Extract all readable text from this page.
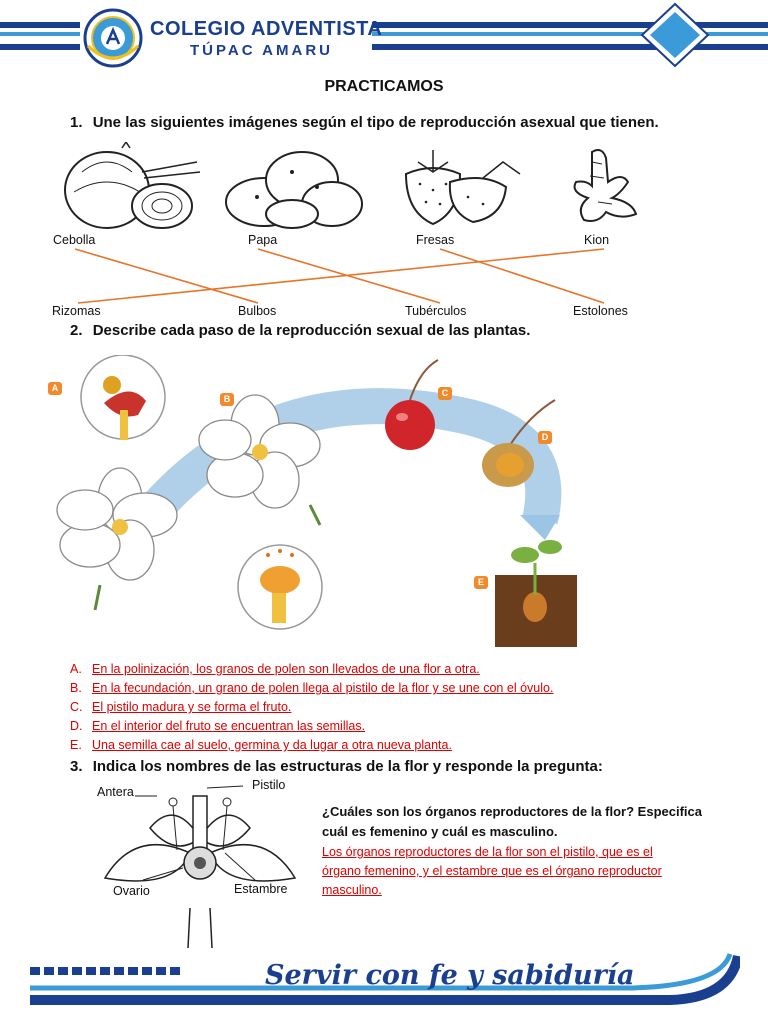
COLEGIO ADVENTISTA
TÚPAC AMARU
PRACTICAMOS
1. Une las siguientes imágenes según el tipo de reproducción asexual que tienen.
Cebolla	Papa	Fresas	Kion
Rizomas	Bulbos	Tubérculos	Estolones
2. Describe cada paso de la reproducción sexual de las plantas.
A
B
C
D
E
A. En la polinización, los granos de polen son llevados de una flor a otra.
B. En la fecundación, un grano de polen llega al pistilo de la flor y se une con el óvulo.
C. El pistilo madura y se forma el fruto.
D. En el interior del fruto se encuentran las semillas.
E. Una semilla cae al suelo, germina y da lugar a otra nueva planta.
3. Indica los nombres de las estructuras de la flor y responde la pregunta:
Pistilo
Antera
Ovario	Estambre
¿Cuáles son los órganos reproductores de la flor? Especifica
cuál es femenino y cuál es masculino.
Los órganos reproductores de la flor son el pistilo, que es el
órgano femenino, y el estambre que es el órgano reproductor
masculino.
Servir con fe y sabiduría
